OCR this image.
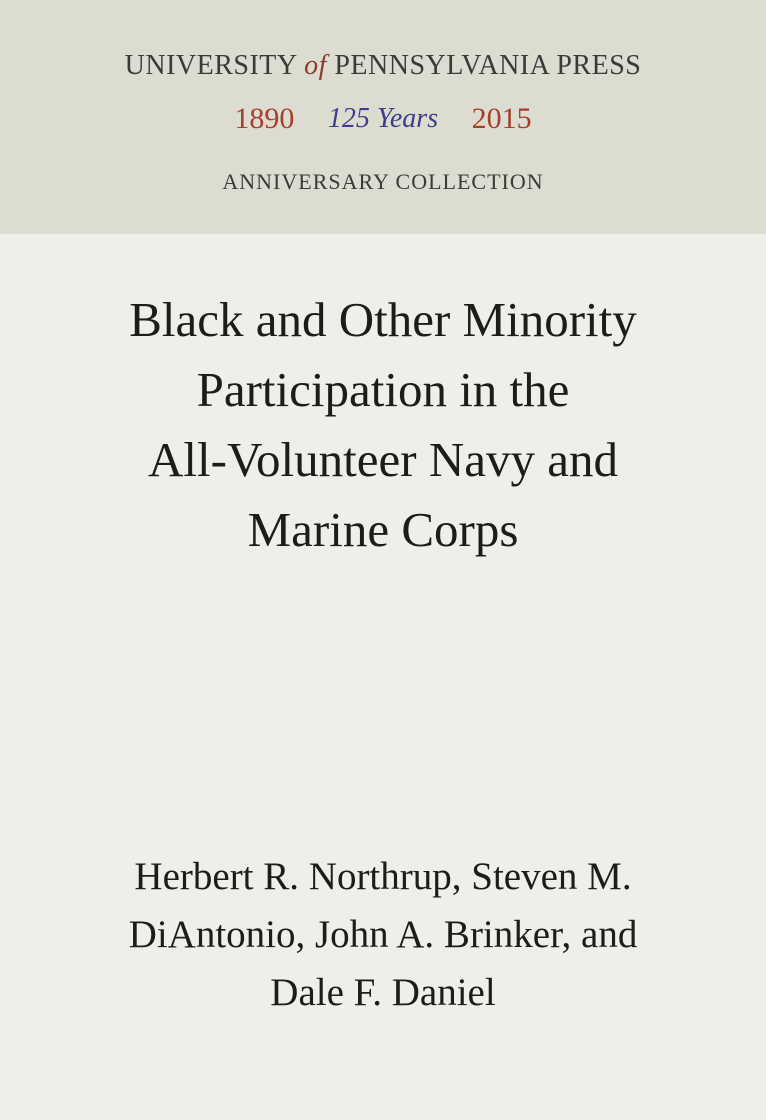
UNIVERSITY of PENNSYLVANIA PRESS
1890 125 Years 2015
ANNIVERSARY COLLECTION
Black and Other Minority
Participation in the
All-Volunteer Navy and
Marine Corps
Herbert R. Northrup, Steven M.
DiAntonio, John A. Brinker, and
Dale F. Daniel
